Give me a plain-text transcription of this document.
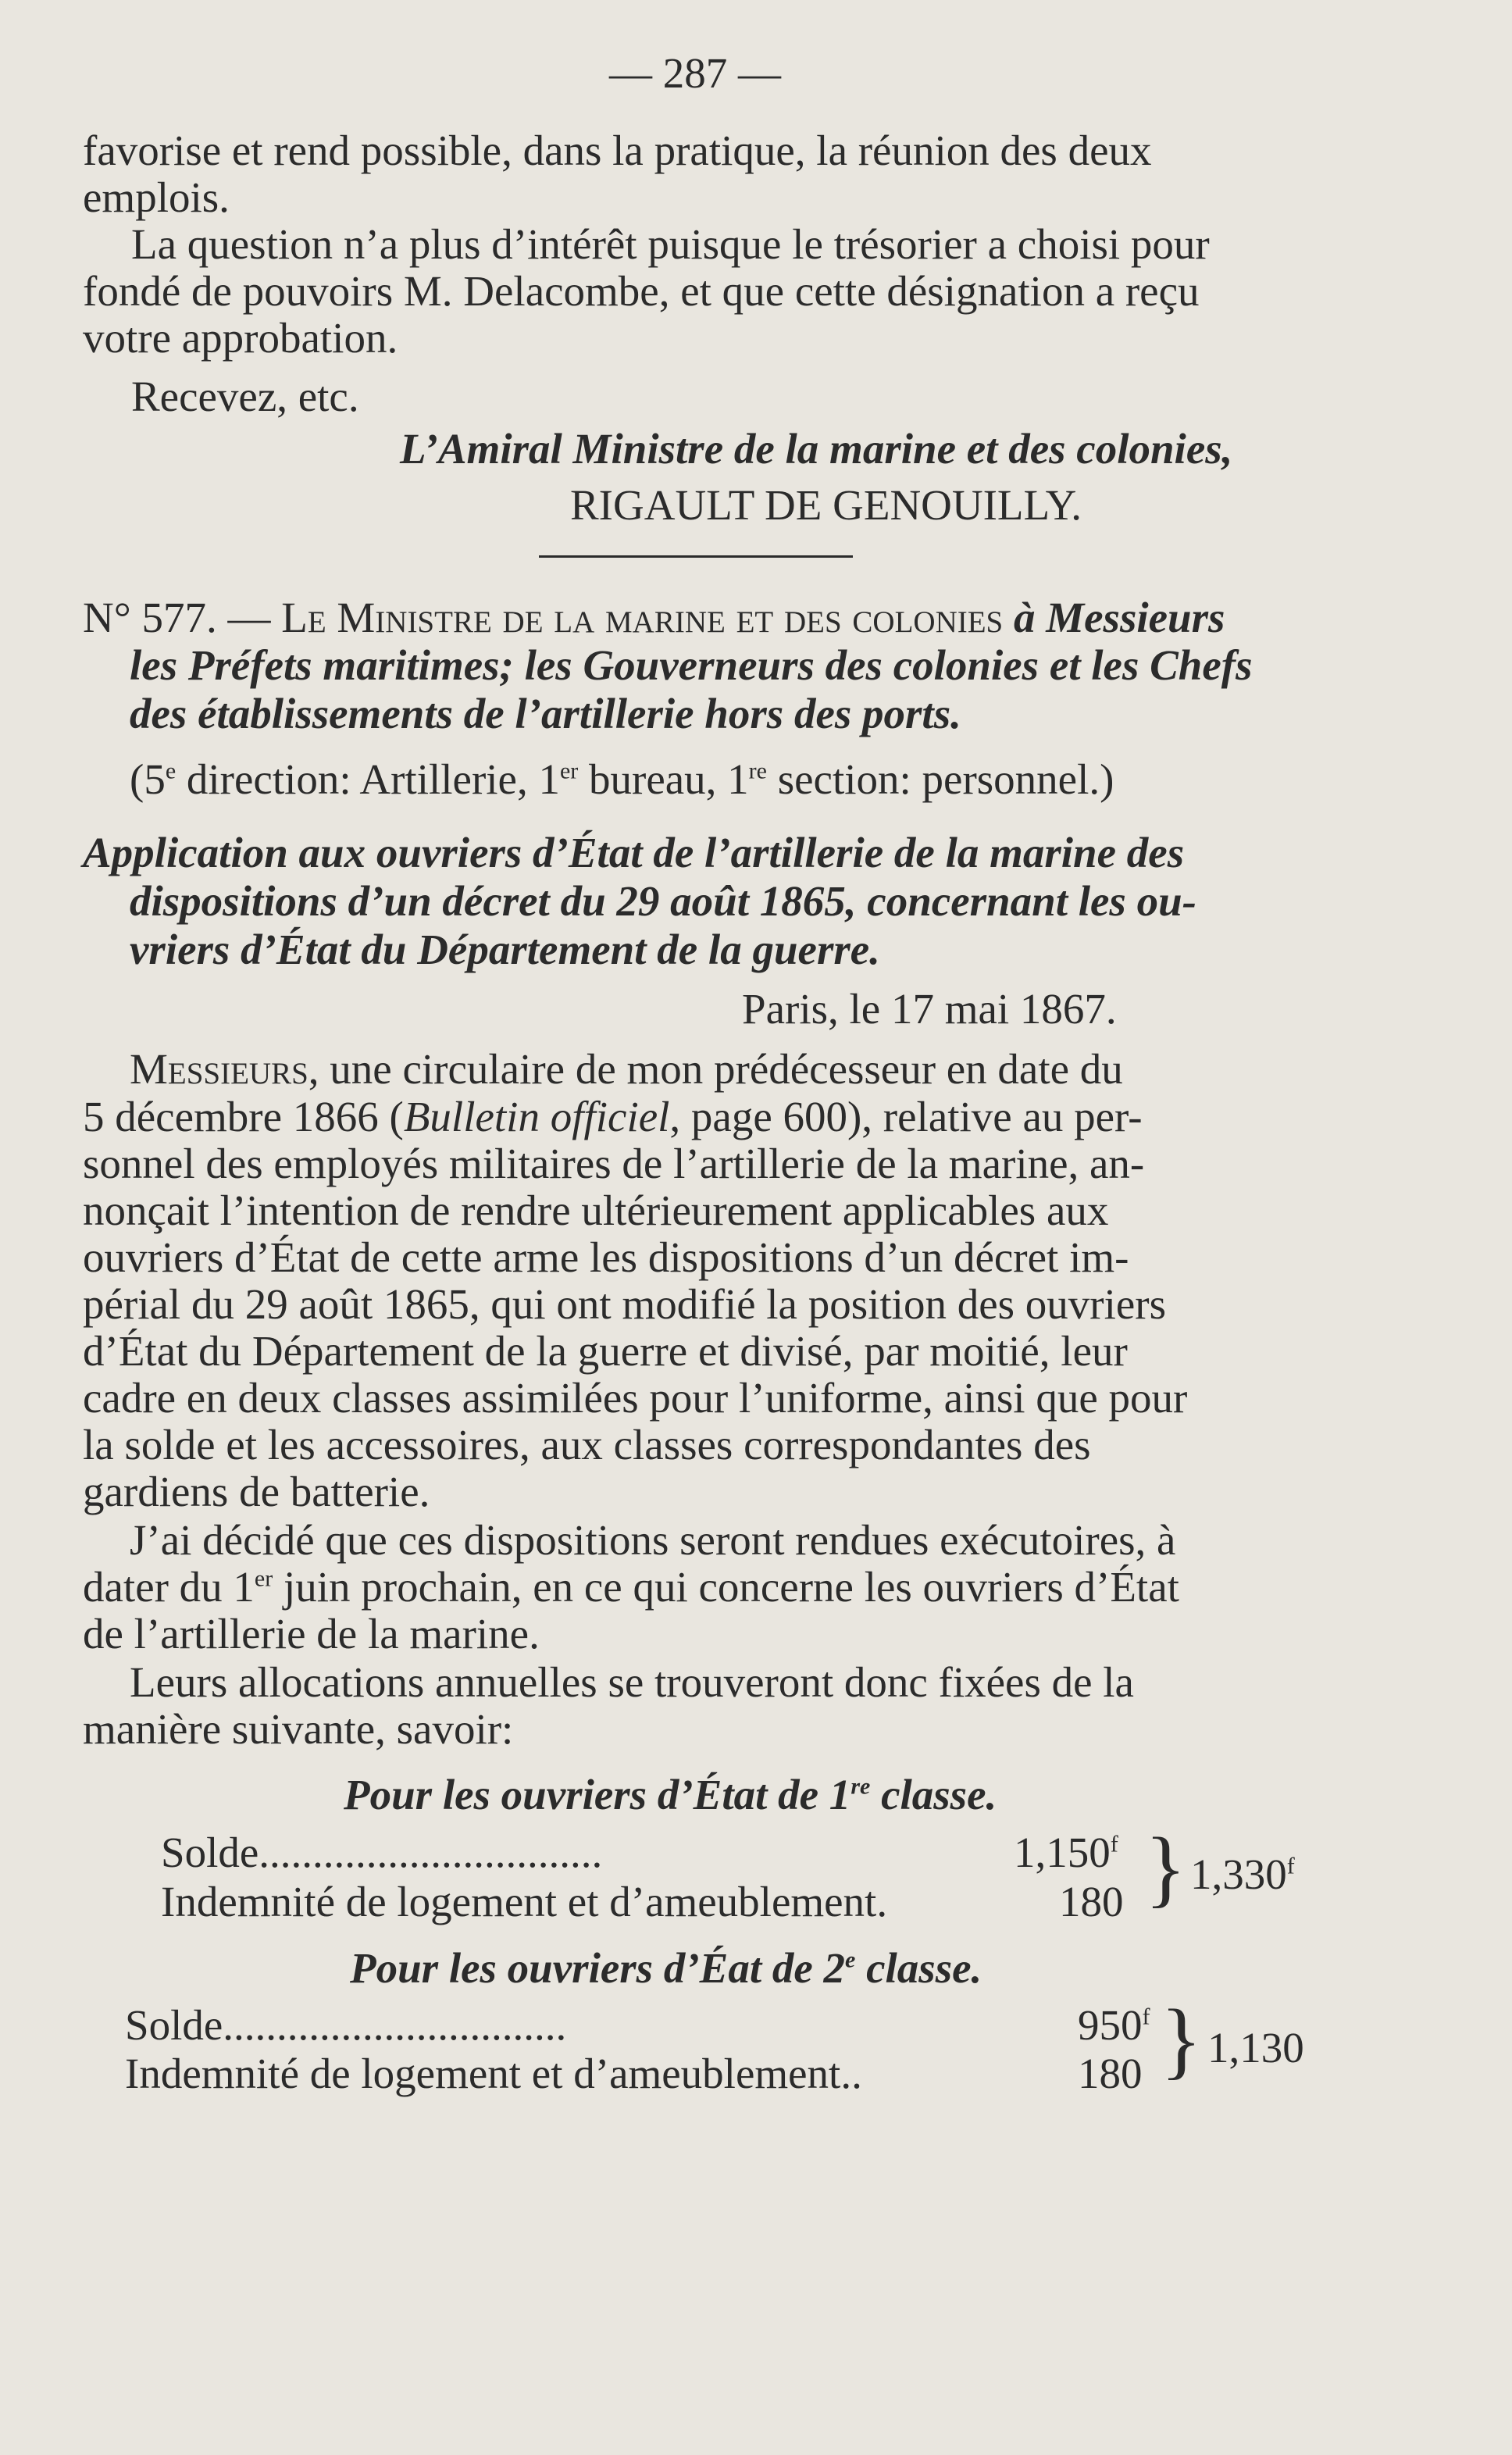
— 287 —
favorise et rend possible, dans la pratique, la réunion des deux
emplois.
La question n’a plus d’intérêt puisque le trésorier a choisi pour
fondé de pouvoirs M. Delacombe, et que cette désignation a reçu
votre approbation.
Recevez, etc.
L’Amiral Ministre de la marine et des colonies,
RIGAULT DE GENOUILLY.
N° 577. — Le Ministre de la marine et des colonies à Messieurs
les Préfets maritimes; les Gouverneurs des colonies et les Chefs
des établissements de l’artillerie hors des ports.
(5e direction: Artillerie, 1er bureau, 1re section: personnel.)
Application aux ouvriers d’État de l’artillerie de la marine des
dispositions d’un décret du 29 août 1865, concernant les ou-
vriers d’État du Département de la guerre.
Paris, le 17 mai 1867.
Messieurs, une circulaire de mon prédécesseur en date du
5 décembre 1866 (Bulletin officiel, page 600), relative au per-
sonnel des employés militaires de l’artillerie de la marine, an-
nonçait l’intention de rendre ultérieurement applicables aux
ouvriers d’État de cette arme les dispositions d’un décret im-
périal du 29 août 1865, qui ont modifié la position des ouvriers
d’État du Département de la guerre et divisé, par moitié, leur
cadre en deux classes assimilées pour l’uniforme, ainsi que pour
la solde et les accessoires, aux classes correspondantes des
gardiens de batterie.
J’ai décidé que ces dispositions seront rendues exécutoires, à
dater du 1er juin prochain, en ce qui concerne les ouvriers d’État
de l’artillerie de la marine.
Leurs allocations annuelles se trouveront donc fixées de la
manière suivante, savoir:
Pour les ouvriers d’État de 1re classe.
Solde................................	1,150$^f$
Indemnité de logement et d’ameublement.	180 } 1,330$^f$
Pour les ouvriers d’Éat de 2e classe.
Solde................................	950$^f$
Indemnité de logement et d’ameublement..	180 } 1,130
